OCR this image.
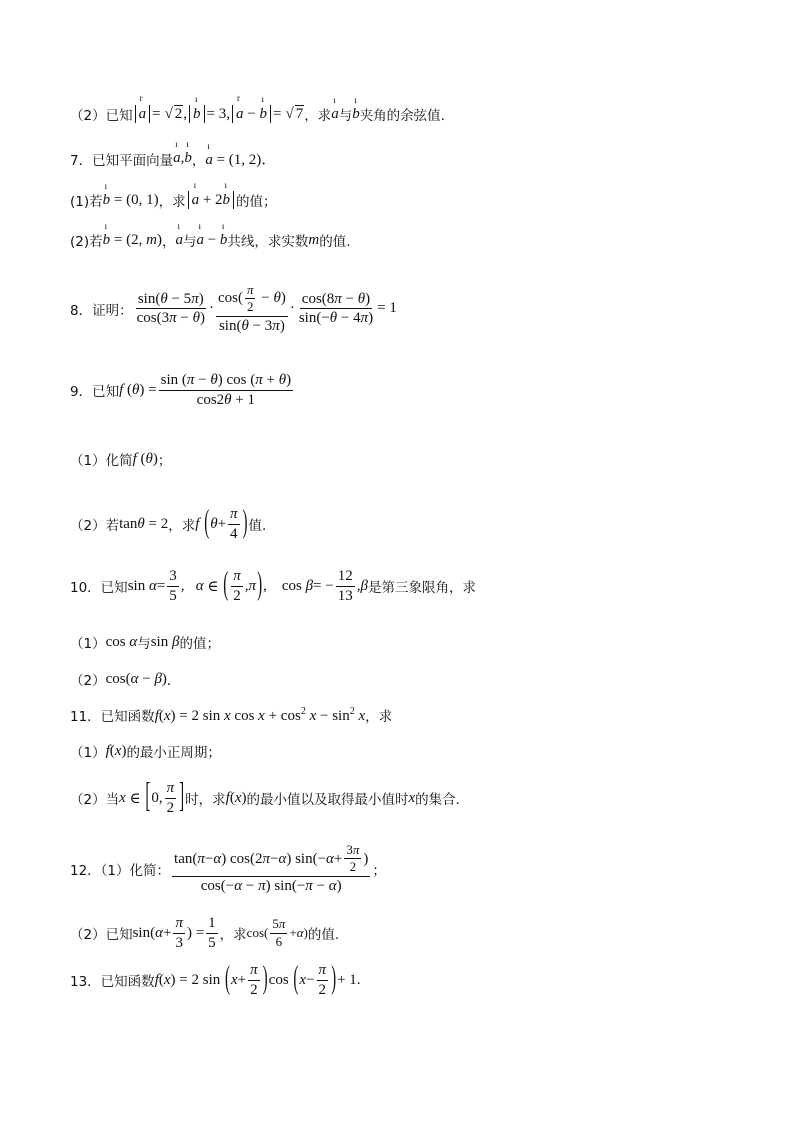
（2）已知 r a = √ 2, ı b = 3, r a − ı b = √ 7 ，求 ı a 与 ı b 夹角的余弦值.
7．已知平面向量 ı a,ı b ， ı a = (1, 2)．
(1)若 ı b = (0, 1) ，求 ı a + 2ı b 的值；
(2)若 ı b = (2, m) ， ı a 与 ı a − ı b 共线，求实数 m 的值.
8．证明： $\frac{\sin(\theta - 5\pi)}{\cos(3\pi - \theta)} \cdot \frac{\cos( \frac{\pi}{2} - \theta)}{\sin(\theta - 3\pi)} \cdot \frac{\cos(8\pi - \theta)}{\sin(-\theta - 4\pi)} = 1$
9．已知 f ( θ ) = $\frac{\sin (\pi - \theta) \cos (\pi + \theta)}{\cos 2\theta + 1}$
（1）化简 f (θ) ；
（2）若 tanθ = 2 ，求 f
( $\theta + \frac{\pi}{4}$ ) 值.
10．已知 $\sin \alpha = \frac{3}{5}$ , α ∈ ( $\frac{\pi}{2}$ , π ) ,    cos β = − $\frac{12}{13}$ , β 是第三象限角，求
（1） cos α 与 sin β 的值；
（2） cos(α − β) ．
11．已知函数 f(x) = 2 sin x $\cos x + \cos^2 x - \sin^2 x$ ，求
（1） f(x) 的最小正周期；
（2）当 x ∈ [ 0, $\frac{\pi}{2}$ ] 时，求 f(x) 的最小值以及取得最小值时 x 的集合．
12．（1）化简： $\frac{\tan( \pi - \alpha ) \cos(2 \pi - \alpha ) \sin(- \alpha + \frac{3\pi}{2} )}{\cos(-\alpha - \pi) \sin(-\pi - \alpha)}$ ；
（2）已知 sin( $\alpha + \frac{\pi}{3}$ ) = $\frac{1}{5}$ ，求 $\cos( \frac{5\pi}{6} + \alpha$ ) 的值.
13．已知函数 f ( x ) = 2 sin ( $x + \frac{\pi}{2}$ ) cos ( $x - \frac{\pi}{2}$ ) + 1.
